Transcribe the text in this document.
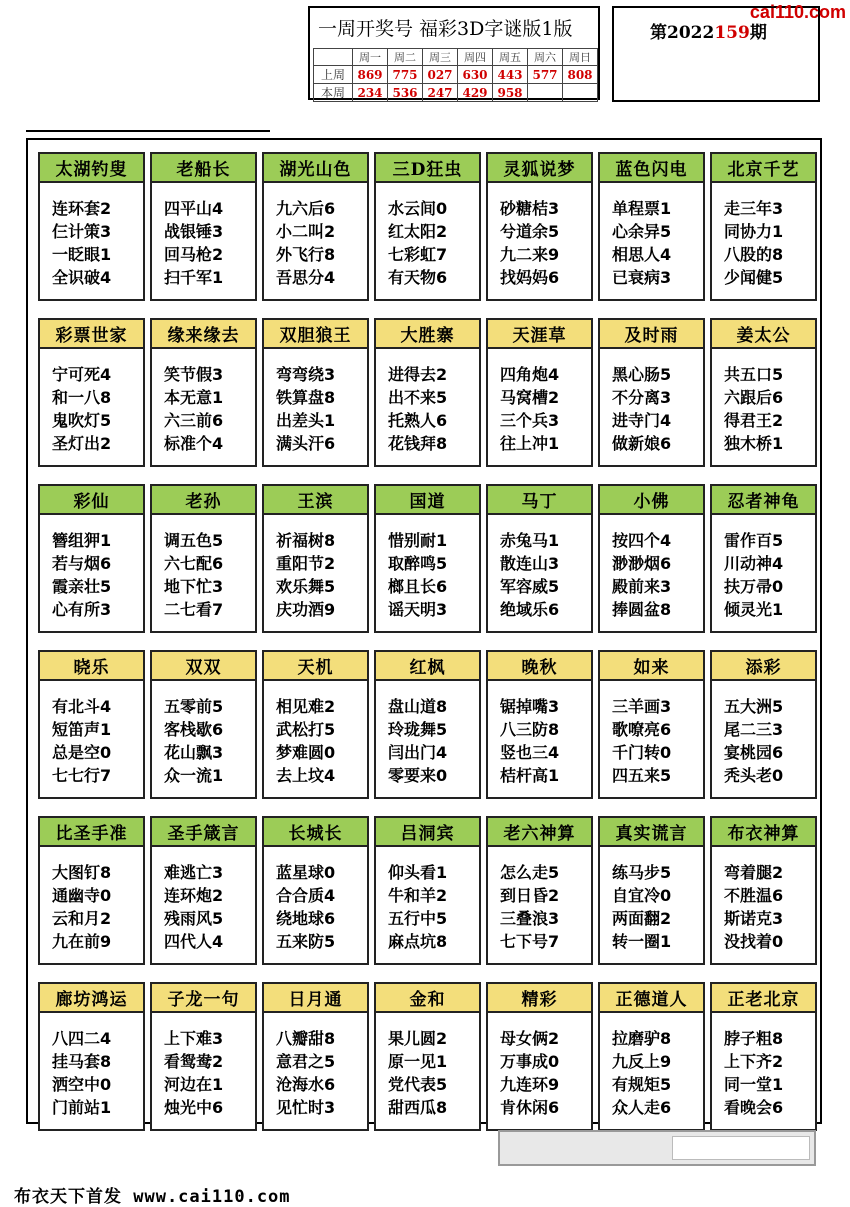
一周开奖号 福彩3D字谜版1版
	周一	周二	周三	周四	周五	周六	周日
上周	869	775	027	630	443	577	808
本周	234	536	247	429	958		
第2022159期
cai110.com
太湖钓叟
连环套2
仨计策3
一眨眼1
全识破4
老船长
四平山4
战银锤3
回马枪2
扫千军1
湖光山色
九六后6
小二叫2
外飞行8
吾思分4
三D狂虫
水云间0
红太阳2
七彩虹7
有天物6
灵狐说梦
砂糖桔3
兮道余5
九二来9
找妈妈6
蓝色闪电
单程票1
心余异5
相思人4
已衰病3
北京千艺
走三年3
同协力1
八股的8
少闻健5
彩票世家
宁可死4
和一八8
鬼吹灯5
圣灯出2
缘来缘去
笑节假3
本无意1
六三前6
标准个4
双胆狼王
弯弯绕3
铁算盘8
出差头1
满头汗6
大胜寨
进得去2
出不来5
托熟人6
花钱拜8
天涯草
四角炮4
马窝槽2
三个兵3
往上冲1
及时雨
黑心肠5
不分离3
进寺门4
做新娘6
姜太公
共五口5
六跟后6
得君王2
独木桥1
彩仙
簪组狎1
若与烟6
霞亲壮5
心有所3
老孙
调五色5
六七配6
地下忙3
二七看7
王滨
祈福树8
重阳节2
欢乐舞5
庆功酒9
国道
惜别耐1
取醉鸣5
榔且长6
谣天明3
马丁
赤兔马1
散连山3
军容威5
绝域乐6
小佛
按四个4
渺渺烟6
殿前来3
捧圆盆8
忍者神龟
雷作百5
川动神4
扶万帚0
倾灵光1
晓乐
有北斗4
短笛声1
总是空0
七七行7
双双
五零前5
客栈歇6
花山飘3
众一流1
天机
相见难2
武松打5
梦难圆0
去上坟4
红枫
盘山道8
玲珑舞5
闫出门4
零要来0
晚秋
锯掉嘴3
八三防8
竖也三4
桔杆高1
如来
三羊画3
歌嘹亮6
千门转0
四五来5
添彩
五大洲5
尾二三3
宴桃园6
秃头老0
比圣手准
大图钉8
通幽寺0
云和月2
九在前9
圣手箴言
难逃亡3
连环炮2
残雨风5
四代人4
长城长
蓝星球0
合合质4
绕地球6
五来防5
吕洞宾
仰头看1
牛和羊2
五行中5
麻点坑8
老六神算
怎么走5
到日昏2
三叠浪3
七下号7
真实谎言
练马步5
自宜冷0
两面翻2
转一圈1
布衣神算
弯着腿2
不胜温6
斯诺克3
没找着0
廊坊鸿运
八四二4
挂马套8
洒空中0
门前站1
子龙一句
上下难3
看鸳鸯2
河边在1
烛光中6
日月通
八瓣甜8
意君之5
沧海水6
见忙时3
金和
果儿圆2
原一见1
党代表5
甜西瓜8
精彩
母女俩2
万事成0
九连环9
肯休闲6
正德道人
拉磨驴8
九反上9
有规矩5
众人走6
正老北京
脖子粗8
上下齐2
同一堂1
看晚会6
布衣天下首发 www.cai110.com
